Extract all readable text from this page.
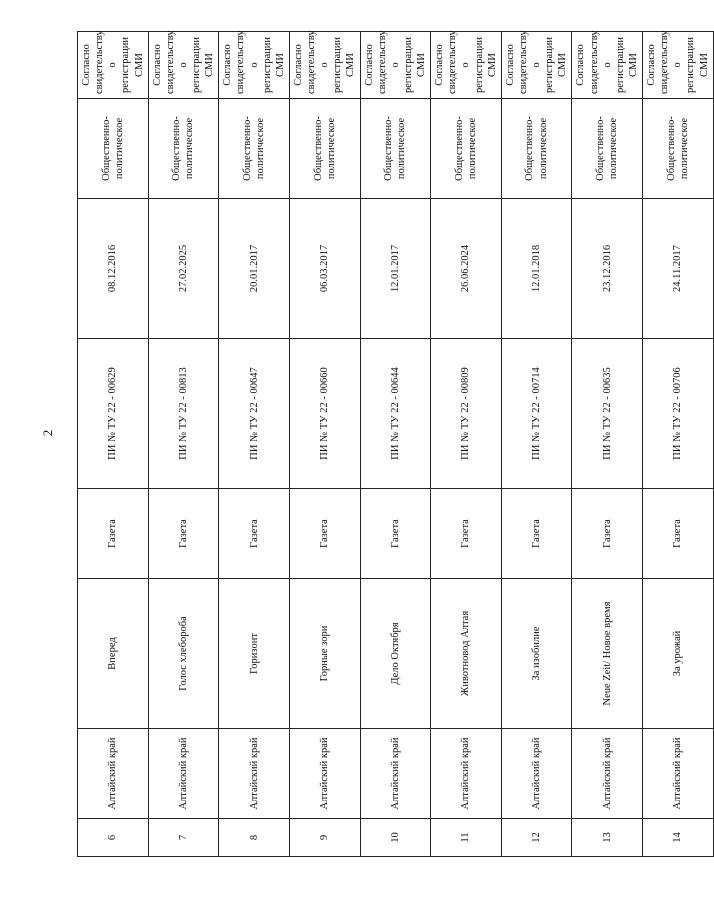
2
6	Алтайский край	Вперед	Газета	ПИ № ТУ 22 - 00629	08.12.2016	Общественно-политическое	Согласно свидетельству о регистрации СМИ
7	Алтайский край	Голос хлебороба	Газета	ПИ № ТУ 22 - 00813	27.02.2025	Общественно-политическое	Согласно свидетельству о регистрации СМИ
8	Алтайский край	Горизонт	Газета	ПИ № ТУ 22 - 00647	20.01.2017	Общественно-политическое	Согласно свидетельству о регистрации СМИ
9	Алтайский край	Горные зори	Газета	ПИ № ТУ 22 - 00660	06.03.2017	Общественно-политическое	Согласно свидетельству о регистрации СМИ
10	Алтайский край	Дело Октября	Газета	ПИ № ТУ 22 - 00644	12.01.2017	Общественно-политическое	Согласно свидетельству о регистрации СМИ
11	Алтайский край	Животновод Алтая	Газета	ПИ № ТУ 22 - 00809	26.06.2024	Общественно-политическое	Согласно свидетельству о регистрации СМИ
12	Алтайский край	За изобилие	Газета	ПИ № ТУ 22 - 00714	12.01.2018	Общественно-политическое	Согласно свидетельству о регистрации СМИ
13	Алтайский край	Neue Zeit/ Новое время	Газета	ПИ № ТУ 22 - 00635	23.12.2016	Общественно-политическое	Согласно свидетельству о регистрации СМИ
14	Алтайский край	За урожай	Газета	ПИ № ТУ 22 - 00706	24.11.2017	Общественно-политическое	Согласно свидетельству о регистрации СМИ
